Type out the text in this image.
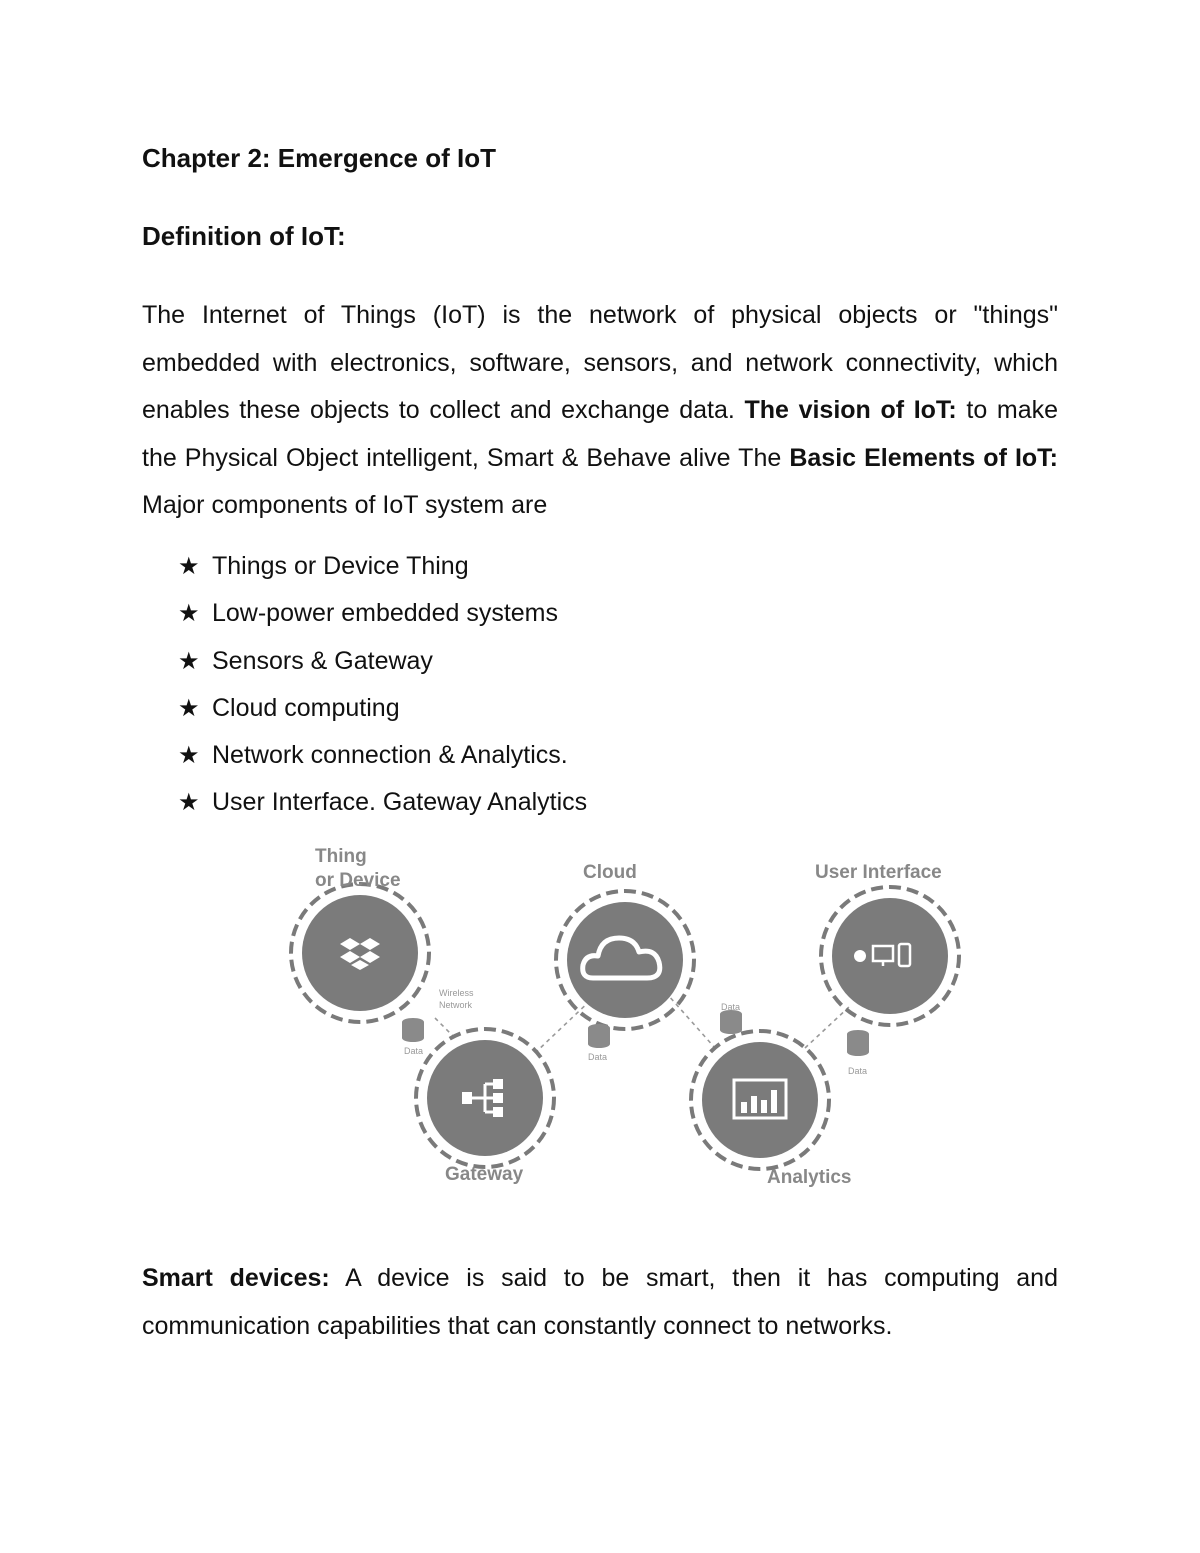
Chapter 2: Emergence of IoT
Definition of IoT:

The Internet of Things (IoT) is the network of physical objects or "things" embedded with electronics, software, sensors, and network connectivity, which enables these objects to collect and exchange data. The vision of IoT: to make the Physical Object intelligent, Smart & Behave alive The Basic Elements of IoT: Major components of IoT system are

★ Things or Device Thing
★ Low-power embedded systems
★ Sensors & Gateway
★ Cloud computing
★ Network connection & Analytics.
★ User Interface. Gateway Analytics
Thing
or Device	Cloud	User Interface
Gateway	Analytics
Wireless
Network
Data
Data
Data
Data

Smart devices: A device is said to be smart, then it has computing and communication capabilities that can constantly connect to networks.
